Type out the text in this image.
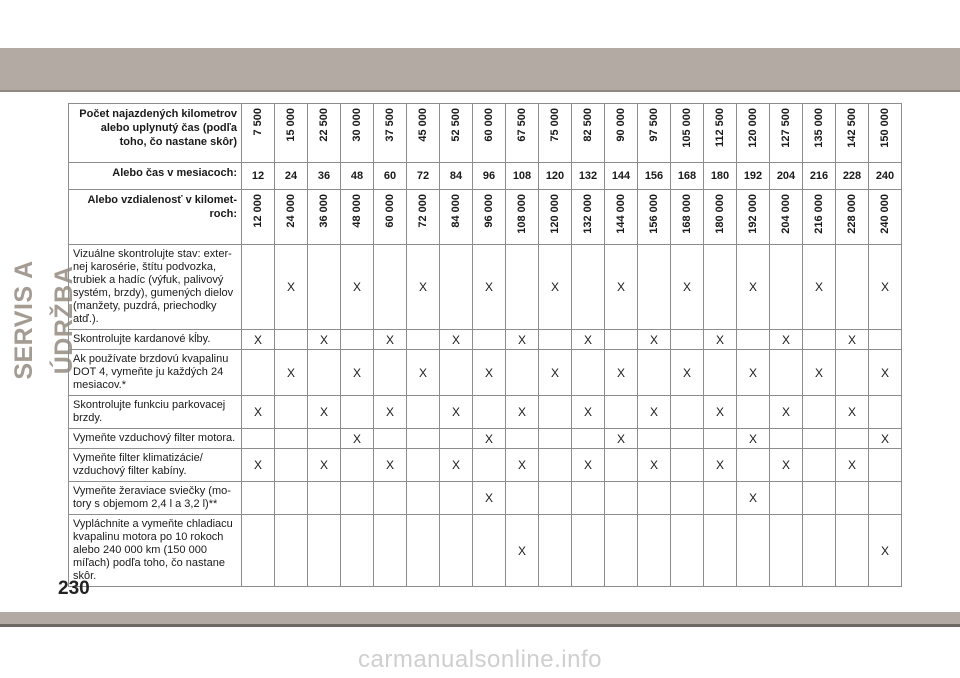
SERVIS A ÚDRŽBA
Počet najazdených kilometrov alebo uplynutý čas (podľa toho, čo nastane skôr)	7 500	15 000	22 500	30 000	37 500	45 000	52 500	60 000	67 500	75 000	82 500	90 000	97 500	105 000	112 500	120 000	127 500	135 000	142 500	150 000

Alebo čas v mesiacoch:	12	24	36	48	60	72	84	96	108	120	132	144	156	168	180	192	204	216	228	240
Alebo vzdialenosť v kilometroch:	12 000	24 000	36 000	48 000	60 000	72 000	84 000	96 000	108 000	120 000	132 000	144 000	156 000	168 000	180 000	192 000	204 000	216 000	228 000	240 000

Vizuálne skontrolujte stav: externej karosérie, štítu podvozka, trubiek a hadíc (výfuk, palivový systém, brzdy), gumených dielov (manžety, puzdrá, priechodky atď.).		X		X		X		X		X		X		X		X		X		X
Skontrolujte kardanové kĺby.	X		X		X		X		X		X		X		X		X		X	
Ak používate brzdovú kvapalinu DOT 4, vymeňte ju každých 24 mesiacov.*		X		X		X		X		X		X		X		X		X		X
Skontrolujte funkciu parkovacej brzdy.	X		X		X		X		X		X		X		X		X		X	
Vymeňte vzduchový filter motora.				X				X				X				X				X
Vymeňte filter klimatizácie/ vzduchový filter kabíny.	X		X		X		X		X		X		X		X		X		X	
Vymeňte žeraviace sviečky (motory s objemom 2,4 l a 3,2 l)**								X								X				
Vypláchnite a vymeňte chladiacu kvapalinu motora po 10 rokoch alebo 240 000 km (150 000 míľach) podľa toho, čo nastane skôr.									X											X
230
carmanualsonline.info
